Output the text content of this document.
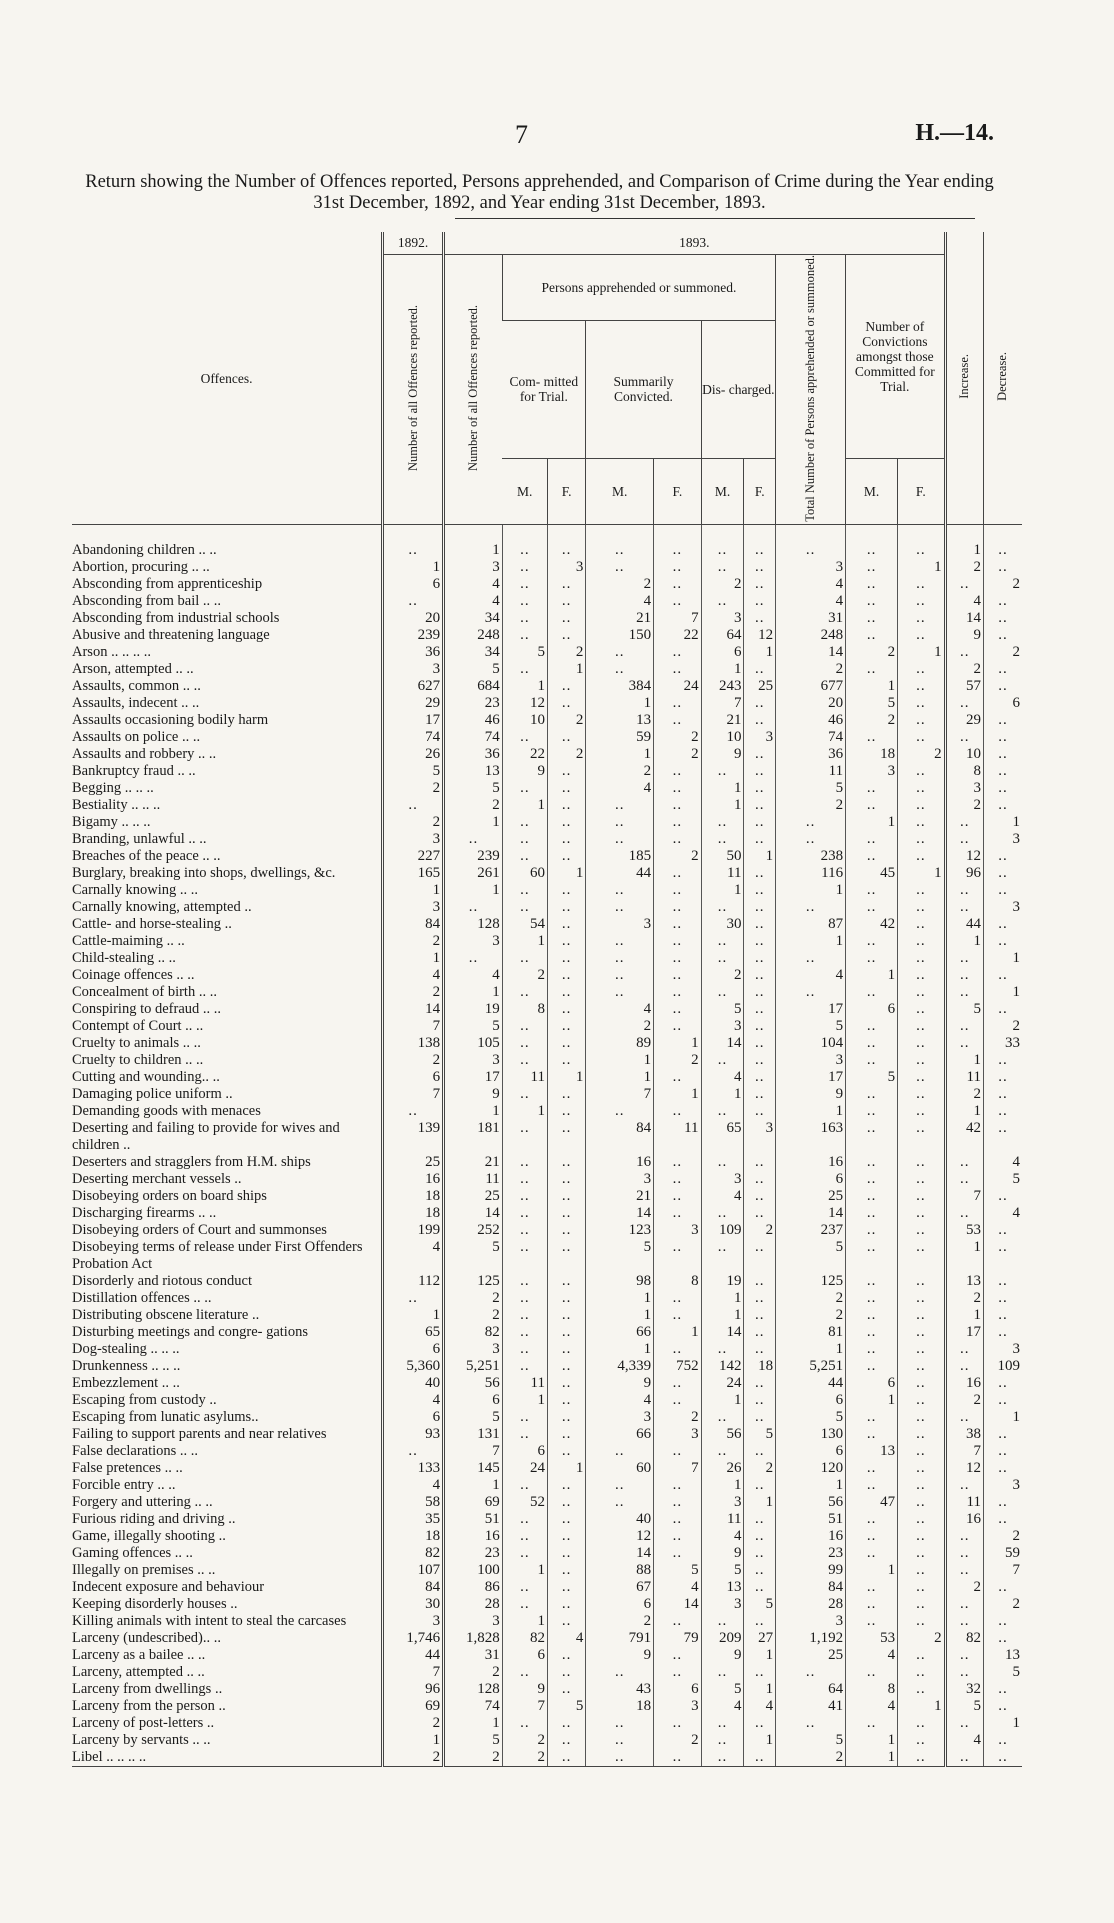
7	H.—14.
Return showing the Number of Offences reported, Persons apprehended, and Comparison of Crime during the Year ending 31st December, 1892, and Year ending 31st December, 1893.
Offences.	1892.	1893.										Increase.	Decrease.
	Number of all Offences reported.	Number of all Offences reported.	Persons apprehended or summoned.						Total Number of Persons apprehended or summoned.	Number of Convictions amongst those Committed for Trial.			
			Com- mitted for Trial.		Summarily Convicted.		Dis- charged.						
			M.	F.	M.	F.	M.	F.		M.	F.		

Abandoning children .. ..	..	1	..	..	..	..	..	..	..	..	..	1	..
Abortion, procuring .. ..	1	3	..	3	..	..	..	..	3	..	1	2	..
Absconding from apprenticeship	6	4	..	..	2	..	2	..	4	..	..	..	2
Absconding from bail .. ..	..	4	..	..	4	..	..	..	4	..	..	4	..
Absconding from industrial schools	20	34	..	..	21	7	3	..	31	..	..	14	..
Abusive and threatening language	239	248	..	..	150	22	64	12	248	..	..	9	..
Arson .. .. .. ..	36	34	5	2	..	..	6	1	14	2	1	..	2
Arson, attempted .. ..	3	5	..	1	..	..	1	..	2	..	..	2	..
Assaults, common .. ..	627	684	1	..	384	24	243	25	677	1	..	57	..
Assaults, indecent .. ..	29	23	12	..	1	..	7	..	20	5	..	..	6
Assaults occasioning bodily harm	17	46	10	2	13	..	21	..	46	2	..	29	..
Assaults on police .. ..	74	74	..	..	59	2	10	3	74	..	..	..	..
Assaults and robbery .. ..	26	36	22	2	1	2	9	..	36	18	2	10	..
Bankruptcy fraud .. ..	5	13	9	..	2	..	..	..	11	3	..	8	..
Begging .. .. ..	2	5	..	..	4	..	1	..	5	..	..	3	..
Bestiality .. .. ..	..	2	1	..	..	..	1	..	2	..	..	2	..
Bigamy .. .. ..	2	1	..	..	..	..	..	..	..	1	..	..	1
Branding, unlawful .. ..	3	..	..	..	..	..	..	..	..	..	..	..	3
Breaches of the peace .. ..	227	239	..	..	185	2	50	1	238	..	..	12	..
Burglary, breaking into shops, dwellings, &c.	165	261	60	1	44	..	11	..	116	45	1	96	..
Carnally knowing .. ..	1	1	..	..	..	..	1	..	1	..	..	..	..
Carnally knowing, attempted ..	3	..	..	..	..	..	..	..	..	..	..	..	3
Cattle- and horse-stealing ..	84	128	54	..	3	..	30	..	87	42	..	44	..
Cattle-maiming .. ..	2	3	1	..	..	..	..	..	1	..	..	1	..
Child-stealing .. ..	1	..	..	..	..	..	..	..	..	..	..	..	1
Coinage offences .. ..	4	4	2	..	..	..	2	..	4	1	..	..	..
Concealment of birth .. ..	2	1	..	..	..	..	..	..	..	..	..	..	1
Conspiring to defraud .. ..	14	19	8	..	4	..	5	..	17	6	..	5	..
Contempt of Court .. ..	7	5	..	..	2	..	3	..	5	..	..	..	2
Cruelty to animals .. ..	138	105	..	..	89	1	14	..	104	..	..	..	33
Cruelty to children .. ..	2	3	..	..	1	2	..	..	3	..	..	1	..
Cutting and wounding.. ..	6	17	11	1	1	..	4	..	17	5	..	11	..
Damaging police uniform ..	7	9	..	..	7	1	1	..	9	..	..	2	..
Demanding goods with menaces	..	1	1	..	..	..	..	..	1	..	..	1	..
Deserting and failing to provide for wives and children ..	139	181	..	..	84	11	65	3	163	..	..	42	..
Deserters and stragglers from H.M. ships	25	21	..	..	16	..	..	..	16	..	..	..	4
Deserting merchant vessels ..	16	11	..	..	3	..	3	..	6	..	..	..	5
Disobeying orders on board ships	18	25	..	..	21	..	4	..	25	..	..	7	..
Discharging firearms .. ..	18	14	..	..	14	..	..	..	14	..	..	..	4
Disobeying orders of Court and summonses	199	252	..	..	123	3	109	2	237	..	..	53	..
Disobeying terms of release under First Offenders Probation Act	4	5	..	..	5	..	..	..	5	..	..	1	..
Disorderly and riotous conduct	112	125	..	..	98	8	19	..	125	..	..	13	..
Distillation offences .. ..	..	2	..	..	1	..	1	..	2	..	..	2	..
Distributing obscene literature ..	1	2	..	..	1	..	1	..	2	..	..	1	..
Disturbing meetings and congre- gations	65	82	..	..	66	1	14	..	81	..	..	17	..
Dog-stealing .. .. ..	6	3	..	..	1	..	..	..	1	..	..	..	3
Drunkenness .. .. ..	5,360	5,251	..	..	4,339	752	142	18	5,251	..	..	..	109
Embezzlement .. ..	40	56	11	..	9	..	24	..	44	6	..	16	..
Escaping from custody ..	4	6	1	..	4	..	1	..	6	1	..	2	..
Escaping from lunatic asylums..	6	5	..	..	3	2	..	..	5	..	..	..	1
Failing to support parents and near relatives	93	131	..	..	66	3	56	5	130	..	..	38	..
False declarations .. ..	..	7	6	..	..	..	..	..	6	13	..	7	..
False pretences .. ..	133	145	24	1	60	7	26	2	120	..	..	12	..
Forcible entry .. ..	4	1	..	..	..	..	1	..	1	..	..	..	3
Forgery and uttering .. ..	58	69	52	..	..	..	3	1	56	47	..	11	..
Furious riding and driving ..	35	51	..	..	40	..	11	..	51	..	..	16	..
Game, illegally shooting ..	18	16	..	..	12	..	4	..	16	..	..	..	2
Gaming offences .. ..	82	23	..	..	14	..	9	..	23	..	..	..	59
Illegally on premises .. ..	107	100	1	..	88	5	5	..	99	1	..	..	7
Indecent exposure and behaviour	84	86	..	..	67	4	13	..	84	..	..	2	..
Keeping disorderly houses ..	30	28	..	..	6	14	3	5	28	..	..	..	2
Killing animals with intent to steal the carcases	3	3	1	..	2	..	..	..	3	..	..	..	..
Larceny (undescribed).. ..	1,746	1,828	82	4	791	79	209	27	1,192	53	2	82	..
Larceny as a bailee .. ..	44	31	6	..	9	..	9	1	25	4	..	..	13
Larceny, attempted .. ..	7	2	..	..	..	..	..	..	..	..	..	..	5
Larceny from dwellings ..	96	128	9	..	43	6	5	1	64	8	..	32	..
Larceny from the person ..	69	74	7	5	18	3	4	4	41	4	1	5	..
Larceny of post-letters ..	2	1	..	..	..	..	..	..	..	..	..	..	1
Larceny by servants .. ..	1	5	2	..	..	2	..	1	5	1	..	4	..
Libel .. .. .. ..	2	2	2	..	..	..	..	..	2	1	..	..	..
